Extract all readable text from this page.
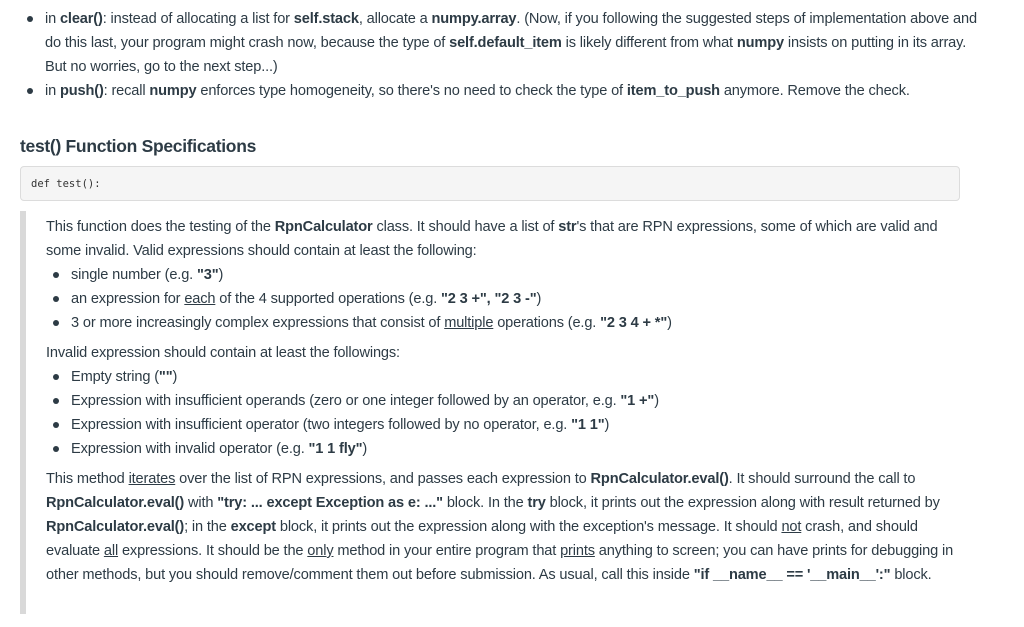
in clear(): instead of allocating a list for self.stack, allocate a numpy.array. (Now, if you following the suggested steps of implementation above and do this last, your program might crash now, because the type of self.default_item is likely different from what numpy insists on putting in its array. But no worries, go to the next step...)
in push(): recall numpy enforces type homogeneity, so there's no need to check the type of item_to_push anymore. Remove the check.
test() Function Specifications
def test():

This function does the testing of the RpnCalculator class. It should have a list of str's that are RPN expressions, some of which are valid and some invalid. Valid expressions should contain at least the following:

single number (e.g. "3")
an expression for each of the 4 supported operations (e.g. "2 3 +", "2 3 -")
3 or more increasingly complex expressions that consist of multiple operations (e.g. "2 3 4 + *")

Invalid expression should contain at least the followings:

Empty string ("")
Expression with insufficient operands (zero or one integer followed by an operator, e.g. "1 +")
Expression with insufficient operator (two integers followed by no operator, e.g. "1 1")
Expression with invalid operator (e.g. "1 1 fly")

This method iterates over the list of RPN expressions, and passes each expression to RpnCalculator.eval(). It should surround the call to RpnCalculator.eval() with "try: ... except Exception as e: ..." block. In the try block, it prints out the expression along with result returned by RpnCalculator.eval(); in the except block, it prints out the expression along with the exception's message. It should not crash, and should evaluate all expressions. It should be the only method in your entire program that prints anything to screen; you can have prints for debugging in other methods, but you should remove/comment them out before submission. As usual, call this inside "if __name__ == '__main__':" block.
